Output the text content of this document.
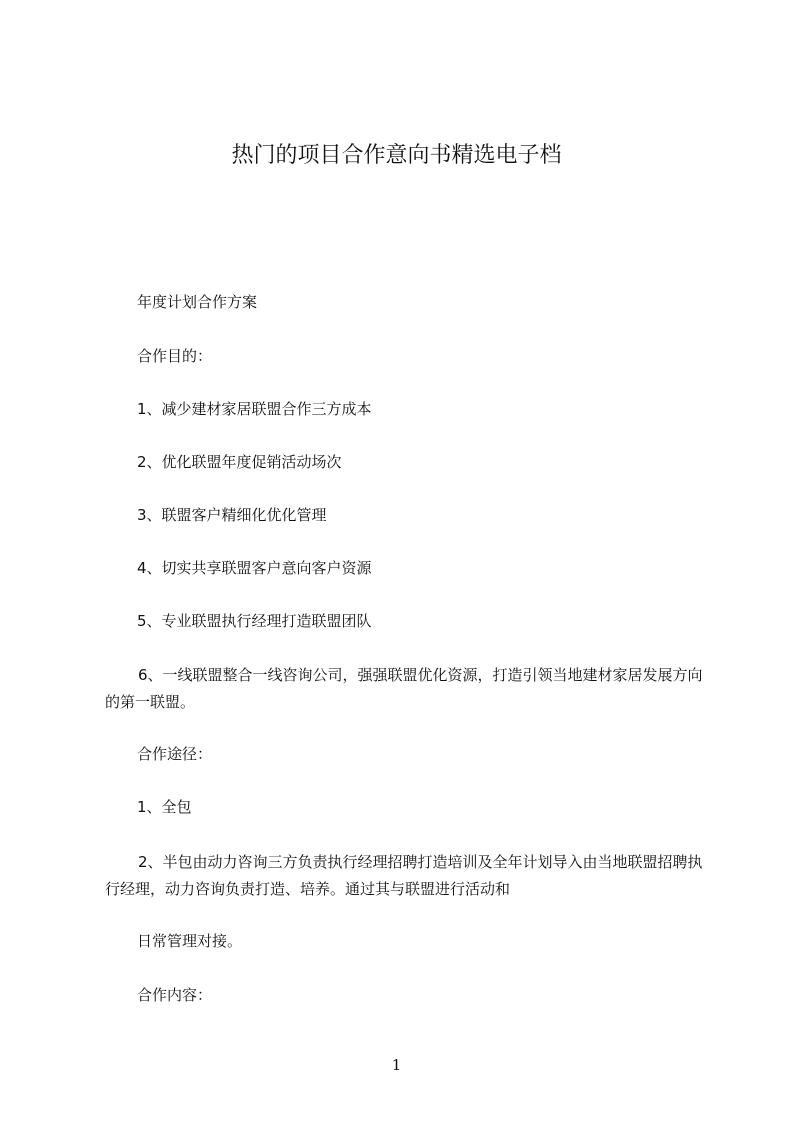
热门的项目合作意向书精选电子档
年度计划合作方案
合作目的：
1、减少建材家居联盟合作三方成本
2、优化联盟年度促销活动场次
3、联盟客户精细化优化管理
4、切实共享联盟客户意向客户资源
5、专业联盟执行经理打造联盟团队
6、一线联盟整合一线咨询公司，强强联盟优化资源，打造引领当地建材家居发展方向的第一联盟。
合作途径：
1、全包
2、半包由动力咨询三方负责执行经理招聘打造培训及全年计划导入由当地联盟招聘执行经理，动力咨询负责打造、培养。通过其与联盟进行活动和
日常管理对接。
合作内容：
1
